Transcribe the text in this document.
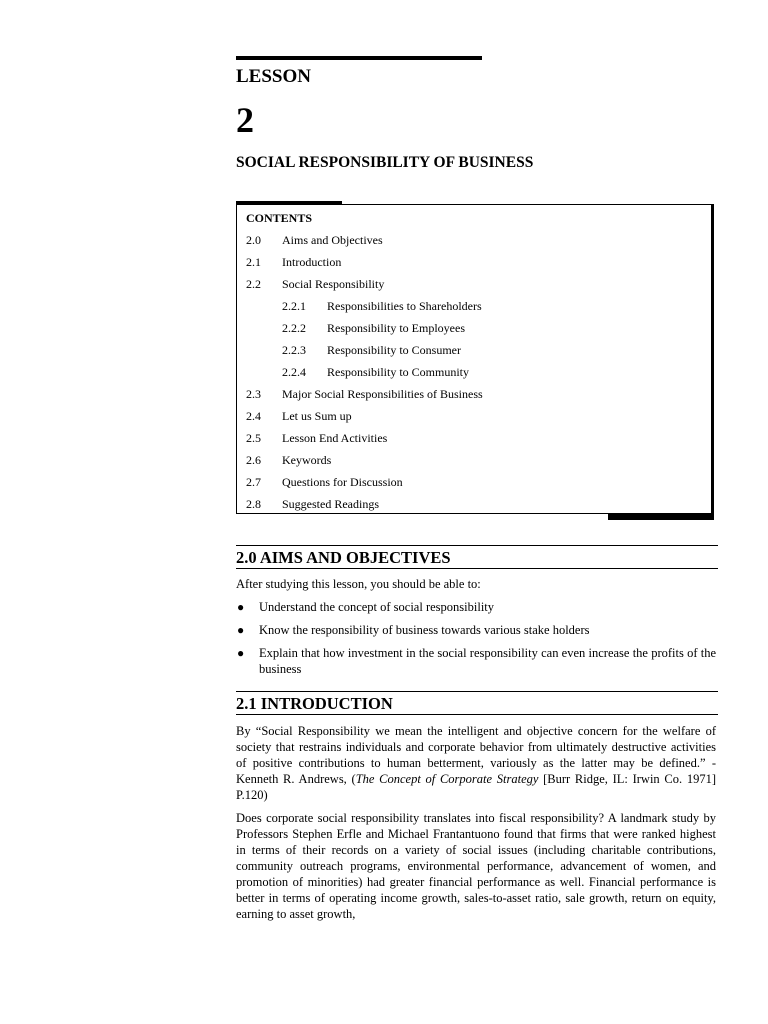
LESSON
2
SOCIAL RESPONSIBILITY OF BUSINESS
CONTENTS
2.0	Aims and Objectives
2.1	Introduction
2.2	Social Responsibility
2.2.1	Responsibilities to Shareholders
2.2.2	Responsibility to Employees
2.2.3	Responsibility to Consumer
2.2.4	Responsibility to Community
2.3	Major Social Responsibilities of Business
2.4	Let us Sum up
2.5	Lesson End Activities
2.6	Keywords
2.7	Questions for Discussion
2.8	Suggested Readings
2.0 AIMS AND OBJECTIVES
After studying this lesson, you should be able to:
● Understand the concept of social responsibility
● Know the responsibility of business towards various stake holders
● Explain that how investment in the social responsibility can even increase the profits of the business
2.1 INTRODUCTION
By “Social Responsibility we mean the intelligent and objective concern for the welfare of society that restrains individuals and corporate behavior from ultimately destructive activities of positive contributions to human betterment, variously as the latter may be defined.” - Kenneth R. Andrews, (The Concept of Corporate Strategy [Burr Ridge, IL: Irwin Co. 1971] P.120)
Does corporate social responsibility translates into fiscal responsibility? A landmark study by Professors Stephen Erfle and Michael Frantantuono found that firms that were ranked highest in terms of their records on a variety of social issues (including charitable contributions, community outreach programs, environmental performance, advancement of women, and promotion of minorities) had greater financial performance as well. Financial performance is better in terms of operating income growth, sales-to-asset ratio, sale growth, return on equity, earning to asset growth,
